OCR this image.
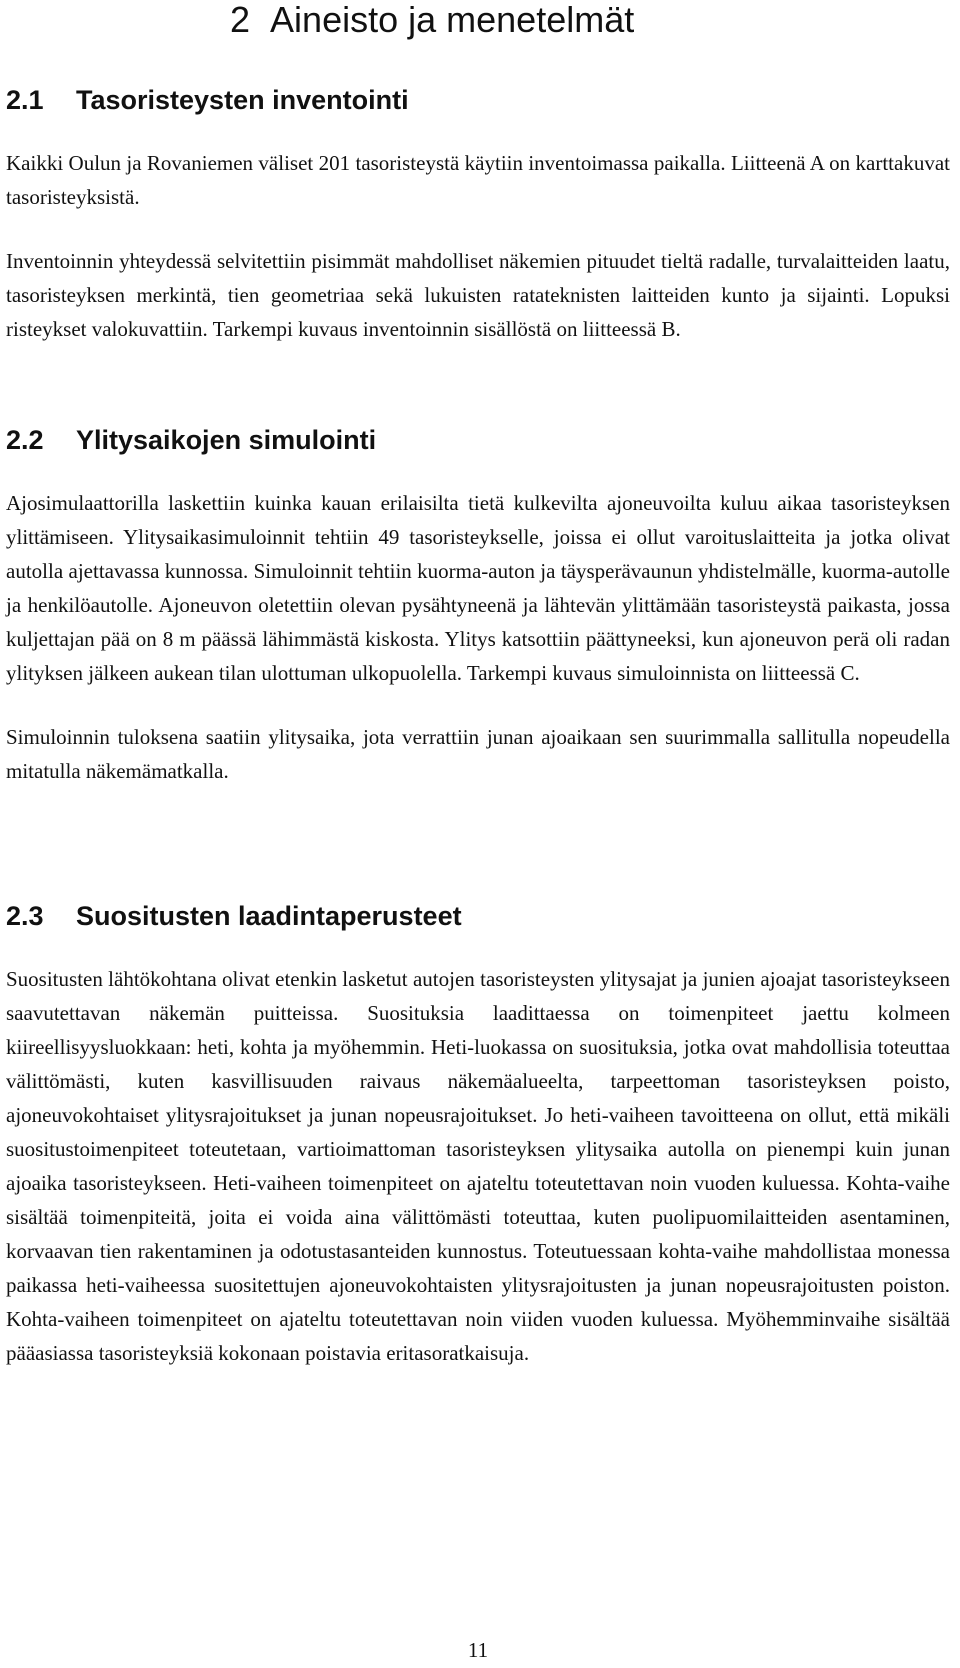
2 Aineisto ja menetelmät
2.1 Tasoristeysten inventointi

Kaikki Oulun ja Rovaniemen väliset 201 tasoristeystä käytiin inventoimassa paikalla. Liitteenä A on karttakuvat tasoristeyksistä.

Inventoinnin yhteydessä selvitettiin pisimmät mahdolliset näkemien pituudet tieltä radalle, turvalaitteiden laatu, tasoristeyksen merkintä, tien geometriaa sekä lukuisten ratateknisten laitteiden kunto ja sijainti. Lopuksi risteykset valokuvattiin. Tarkempi kuvaus inventoinnin sisällöstä on liitteessä B.

2.2 Ylitysaikojen simulointi

Ajosimulaattorilla laskettiin kuinka kauan erilaisilta tietä kulkevilta ajoneuvoilta kuluu aikaa tasoristeyksen ylittämiseen. Ylitysaikasimuloinnit tehtiin 49 tasoristeykselle, joissa ei ollut varoituslaitteita ja jotka olivat autolla ajettavassa kunnossa. Simuloinnit tehtiin kuorma-auton ja täysperävaunun yhdistelmälle, kuorma-autolle ja henkilöautolle. Ajoneuvon oletettiin olevan pysähtyneenä ja lähtevän ylittämään tasoristeystä paikasta, jossa kuljettajan pää on 8 m päässä lähimmästä kiskosta. Ylitys katsottiin päättyneeksi, kun ajoneuvon perä oli radan ylityksen jälkeen aukean tilan ulottuman ulkopuolella. Tarkempi kuvaus simuloinnista on liitteessä C.

Simuloinnin tuloksena saatiin ylitysaika, jota verrattiin junan ajoaikaan sen suurimmalla sallitulla nopeudella mitatulla näkemämatkalla.

2.3 Suositusten laadintaperusteet

Suositusten lähtökohtana olivat etenkin lasketut autojen tasoristeysten ylitysajat ja junien ajoajat tasoristeykseen saavutettavan näkemän puitteissa. Suosituksia laadittaessa on toimenpiteet jaettu kolmeen kiireellisyysluokkaan: heti, kohta ja myöhemmin. Heti-luokassa on suosituksia, jotka ovat mahdollisia toteuttaa välittömästi, kuten kasvillisuuden raivaus näkemäalueelta, tarpeettoman tasoristeyksen poisto, ajoneuvokohtaiset ylitysrajoitukset ja junan nopeusrajoitukset. Jo heti-vaiheen tavoitteena on ollut, että mikäli suositustoimenpiteet toteutetaan, vartioimattoman tasoristeyksen ylitysaika autolla on pienempi kuin junan ajoaika tasoristeykseen. Heti-vaiheen toimenpiteet on ajateltu toteutettavan noin vuoden kuluessa. Kohta-vaihe sisältää toimenpiteitä, joita ei voida aina välittömästi toteuttaa, kuten puolipuomilaitteiden asentaminen, korvaavan tien rakentaminen ja odotustasanteiden kunnostus. Toteutuessaan kohta-vaihe mahdollistaa monessa paikassa heti-vaiheessa suositettujen ajoneuvokohtaisten ylitysrajoitusten ja junan nopeusrajoitusten poiston. Kohta-vaiheen toimenpiteet on ajateltu toteutettavan noin viiden vuoden kuluessa. Myöhemminvaihe sisältää pääasiassa tasoristeyksiä kokonaan poistavia eritasoratkaisuja.

11
